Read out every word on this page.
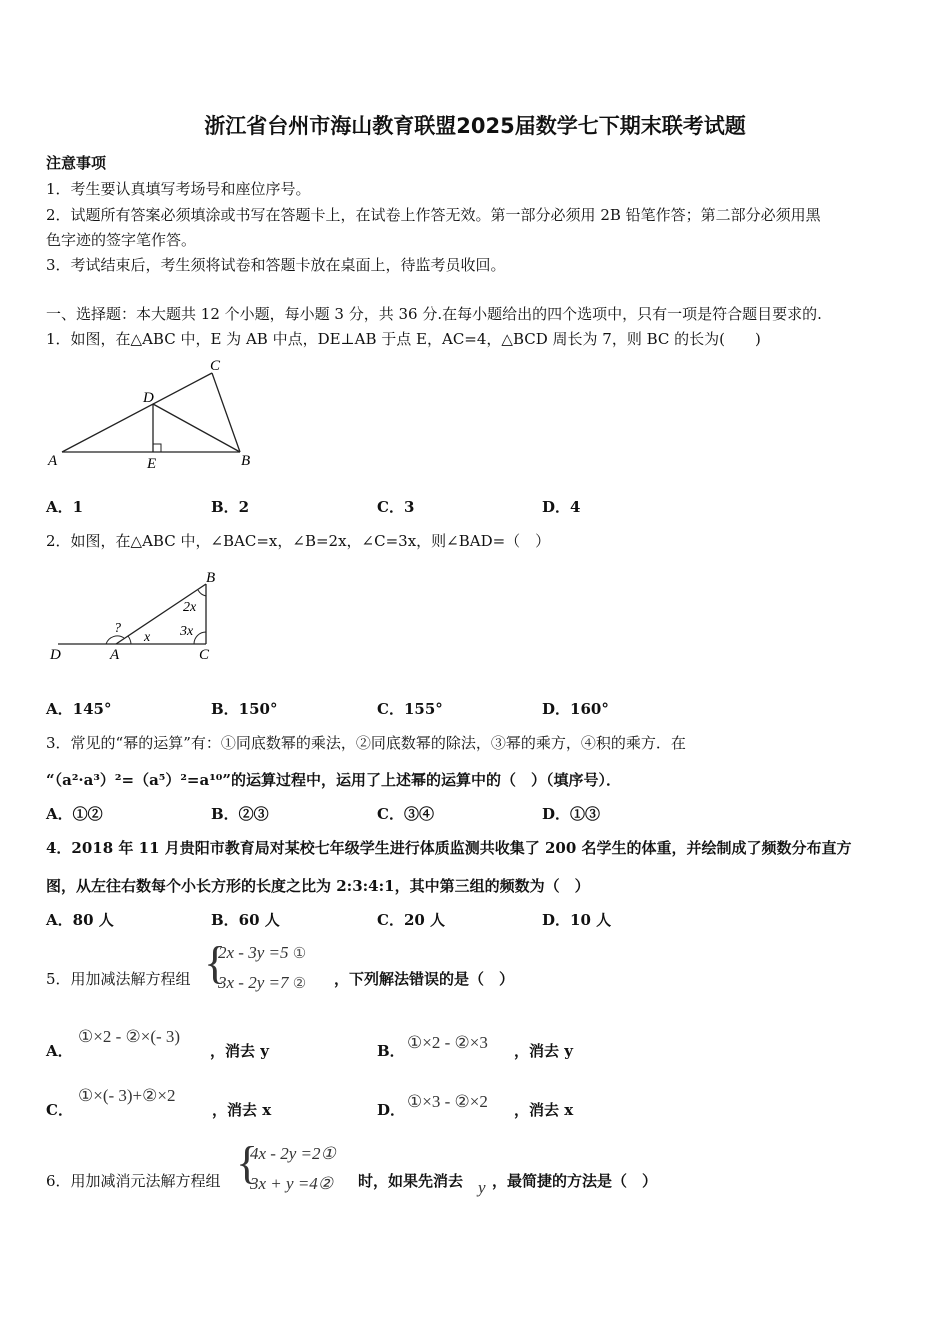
浙江省台州市海山教育联盟2025届数学七下期末联考试题
注意事项
1．考生要认真填写考场号和座位序号。
2．试题所有答案必须填涂或书写在答题卡上，在试卷上作答无效。第一部分必须用 2B 铅笔作答；第二部分必须用黑
色字迹的签字笔作答。
3．考试结束后，考生须将试卷和答题卡放在桌面上，待监考员收回。
一、选择题：本大题共 12 个小题，每小题 3 分，共 36 分.在每小题给出的四个选项中，只有一项是符合题目要求的.
1．如图，在△ABC 中，E 为 AB 中点，DE⊥AB 于点 E，AC=4，△BCD 周长为 7，则 BC 的长为(　　)
A	B
C
D
E
A．1	B．2	C．3	D．4
2．如图，在△ABC 中，∠BAC=x，∠B=2x，∠C=3x，则∠BAD=（　）
B
2x
?	3x
x
D	A	C
A．145°	B．150°	C．155°	D．160°
3．常见的“幂的运算”有：①同底数幂的乘法，②同底数幂的除法，③幂的乘方，④积的乘方．在
“（a²·a³）²=（a⁵）²=a¹⁰”的运算过程中，运用了上述幂的运算中的（　）（填序号）．
A．①②	B．②③	C．③④	D．①③
4．2018 年 11 月贵阳市教育局对某校七年级学生进行体质监测共收集了 200 名学生的体重，并绘制成了频数分布直方
图，从左往右数每个小长方形的长度之比为 2:3:4:1，其中第三组的频数为（　）
A．80 人	B．60 人	C．20 人	D．10 人
5．用加减法解方程组 {
2x - 3y =5 ①
3x - 2y =7 ② ，下列解法错误的是（　）
A．
①×2 - ②×(- 3)
，消去 y	B． ①×2 - ②×3 ，消去 y
C．
①×(- 3)+②×2
，消去 x	D． ①×3 - ②×2 ，消去 x
6．用加减消元法解方程组 {
4x - 2y =2①
3x + y =4② 时，如果先消去 y ，最简捷的方法是（　）
